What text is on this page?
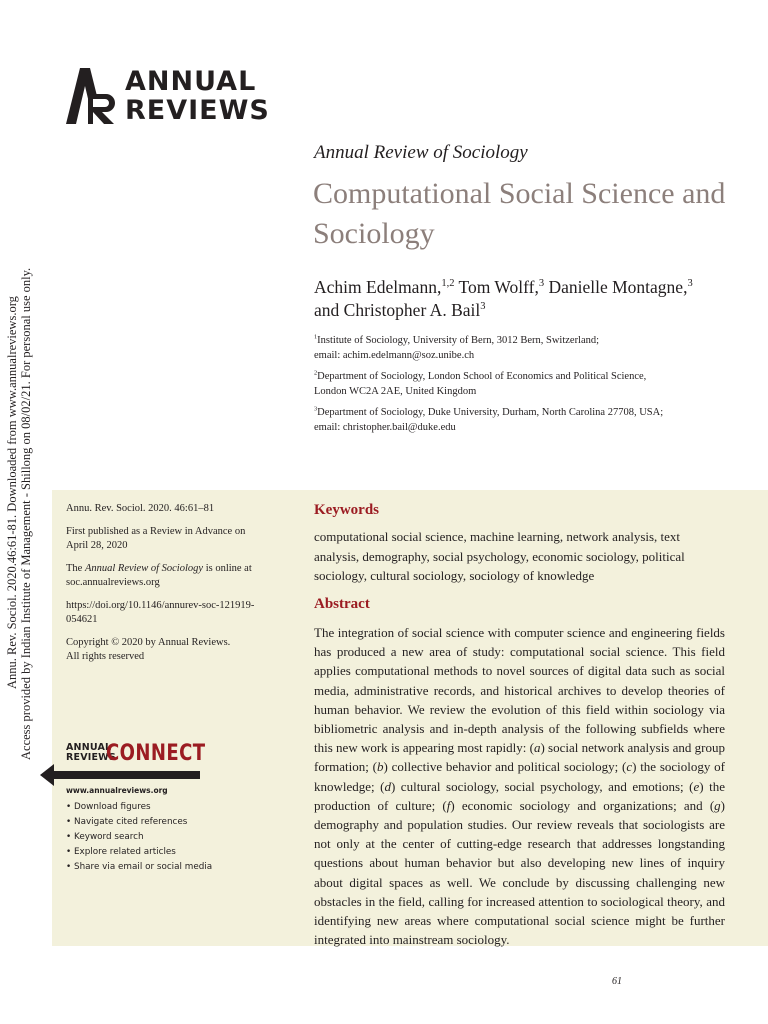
ANNUAL
REVIEWS
Annu. Rev. Sociol. 2020.46:61-81. Downloaded from www.annualreviews.org Access provided by Indian Institute of Management - Shillong on 08/02/21. For personal use only.
Annual Review of Sociology
Computational Social Science and Sociology
Achim Edelmann,$^{1,2}$ Tom Wolff,$^3$ Danielle Montagne,$^3$
and Christopher A. Bail$^3$
$^1$Institute of Sociology, University of Bern, 3012 Bern, Switzerland;
email: achim.edelmann@soz.unibe.ch
$^2$Department of Sociology, London School of Economics and Political Science,
London WC2A 2AE, United Kingdom
$^3$Department of Sociology, Duke University, Durham, North Carolina 27708, USA;
email: christopher.bail@duke.edu

Annu. Rev. Sociol. 2020. 46:61–81

First published as a Review in Advance on April 28, 2020

The Annual Review of Sociology is online at soc.annualreviews.org

https://doi.org/10.1146/annurev-soc-121919-054621

Copyright © 2020 by Annual Reviews.
All rights reserved

ANNUAL
REVIEWS
CONNECT
www.annualreviews.org
• Download figures
• Navigate cited references
• Keyword search
• Explore related articles
• Share via email or social media
Keywords
computational social science, machine learning, network analysis, text analysis, demography, social psychology, economic sociology, political sociology, cultural sociology, sociology of knowledge
Abstract
The integration of social science with computer science and engineering fields has produced a new area of study: computational social science. This field applies computational methods to novel sources of digital data such as social media, administrative records, and historical archives to develop theories of human behavior. We review the evolution of this field within sociology via bibliometric analysis and in-depth analysis of the following subfields where this new work is appearing most rapidly: (a) social network analysis and group formation; (b) collective behavior and political sociology; (c) the sociology of knowledge; (d) cultural sociology, social psychology, and emotions; (e) the production of culture; (f) economic sociology and organizations; and (g) demography and population studies. Our review reveals that sociologists are not only at the center of cutting-edge research that addresses longstanding questions about human behavior but also developing new lines of inquiry about digital spaces as well. We conclude by discussing challenging new obstacles in the field, calling for increased attention to sociological theory, and identifying new areas where computational social science might be further integrated into mainstream sociology.
61
